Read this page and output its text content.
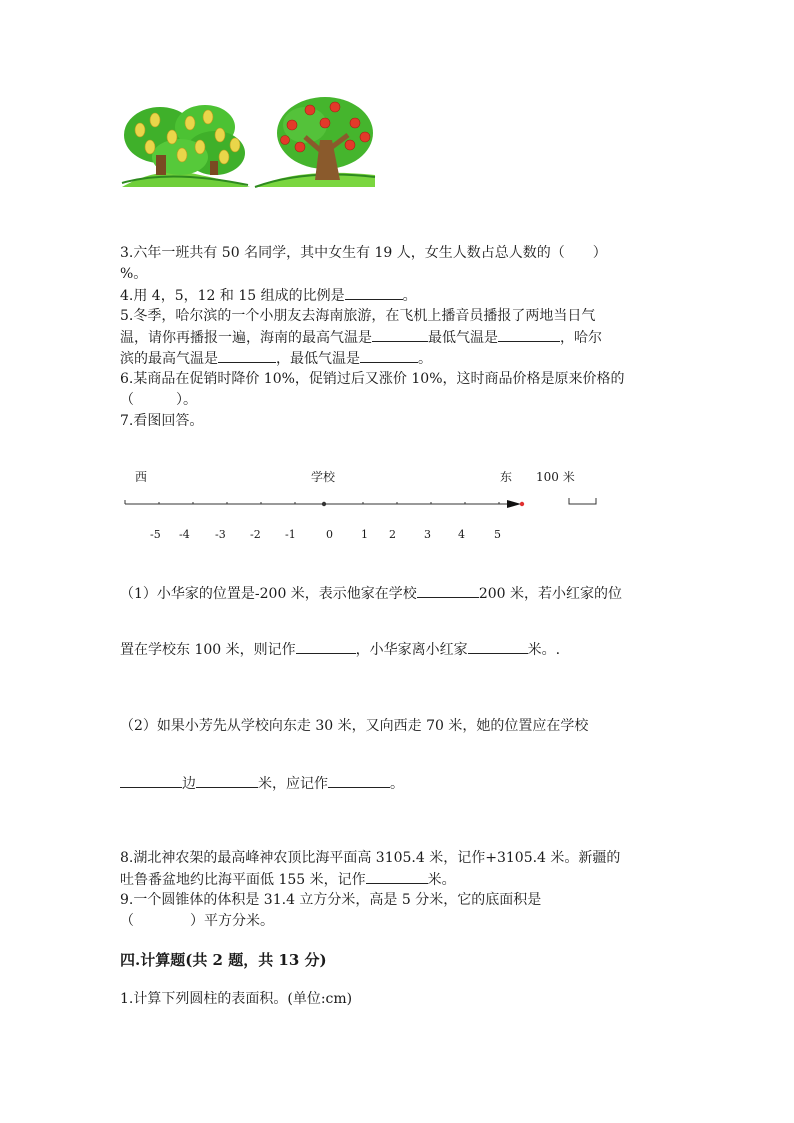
3.六年一班共有 50 名同学，其中女生有 19 人，女生人数占总人数的（　　）
%。
4.用 4，5，12 和 15 组成的比例是	。
5.冬季，哈尔滨的一个小朋友去海南旅游，在飞机上播音员播报了两地当日气
温，请你再播报一遍，海南的最高气温是	最低气温是	，哈尔
滨的最高气温是	，最低气温是	。
6.某商品在促销时降价 10%，促销过后又涨价 10%，这时商品价格是原来价格的
（　　　）。
7.看图回答。
西	学校	东 100 米
-5 -4 -3 -2 -1	0	1 2	3 4	5
（1）小华家的位置是-200 米，表示他家在学校	200 米，若小红家的位
置在学校东 100 米，则记作	，小华家离小红家	米。.
（2）如果小芳先从学校向东走 30 米，又向西走 70 米，她的位置应在学校
边	米，应记作	。
8.湖北神农架的最高峰神农顶比海平面高 3105.4 米，记作+3105.4 米。新疆的
吐鲁番盆地约比海平面低 155 米，记作	米。
9.一个圆锥体的体积是 31.4 立方分米，高是 5 分米，它的底面积是
（　　　　）平方分米。
四.计算题(共 2 题，共 13 分)
1.计算下列圆柱的表面积。(单位:cm)
